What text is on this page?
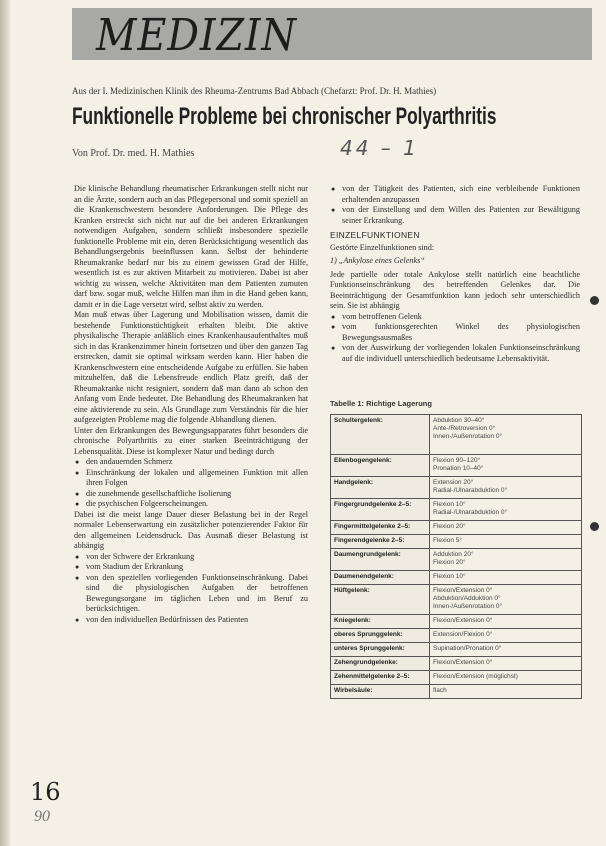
MEDIZIN
Aus der I. Medizinischen Klinik des Rheuma-Zentrums Bad Abbach (Chefarzt: Prof. Dr. H. Mathies)
Funktionelle Probleme bei chronischer Polyarthritis
Von Prof. Dr. med. H. Mathies	44 – 1

Die klinische Behandlung rheumatischer Erkrankungen stellt nicht nur an die Ärzte, sondern auch an das Pflegepersonal und somit speziell an die Krankenschwestern besondere Anforderungen. Die Pflege des Kranken erstreckt sich nicht nur auf die bei anderen Erkrankungen notwendigen Aufgaben, sondern schließt insbesondere spezielle funktionelle Probleme mit ein, deren Berücksichtigung wesentlich das Behandlungsergebnis beeinflussen kann. Selbst der behinderte Rheumakranke bedarf nur bis zu einem gewissen Grad der Hilfe, wesentlich ist es zur aktiven Mitarbeit zu motivieren. Dabei ist aber wichtig zu wissen, welche Aktivitäten man dem Patienten zumuten darf bzw. sogar muß, welche Hilfen man ihm in die Hand geben kann, damit er in die Lage versetzt wird, selbst aktiv zu werden.

Man muß etwas über Lagerung und Mobilisation wissen, damit die bestehende Funktionstüchtigkeit erhalten bleibt. Die aktive physikalische Therapie anläßlich eines Krankenhausaufenthaltes muß sich in das Krankenzimmer hinein fortsetzen und über den ganzen Tag erstrecken, damit sie optimal wirksam werden kann. Hier haben die Krankenschwestern eine entscheidende Aufgabe zu erfüllen. Sie haben mitzuhelfen, daß die Lebensfreude endlich Platz greift, daß der Rheumakranke nicht resigniert, sondern daß man dann ab schon den Anfang vom Ende bedeutet. Die Behandlung des Rheumakranken hat eine aktivierende zu sein. Als Grundlage zum Verständnis für die hier aufgezeigten Probleme mag die folgende Abhandlung dienen.

Unter den Erkrankungen des Bewegungsapparates führt besonders die chronische Polyarthritis zu einer starken Beeinträchtigung der Lebensqualität. Diese ist komplexer Natur und bedingt durch

● den andauernden Schmerz
● Einschränkung der lokalen und allgemeinen Funktion mit allen ihren Folgen
● die zunehmende gesellschaftliche Isolierung
● die psychischen Folgeerscheinungen.

Dabei ist die meist lange Dauer dieser Belastung bei in der Regel normaler Lebenserwartung ein zusätzlicher potenzierender Faktor für den allgemeinen Leidensdruck. Das Ausmaß dieser Belastung ist abhängig

● von der Schwere der Erkrankung
● vom Stadium der Erkrankung
● von den speziellen vorliegenden Funktionseinschränkung. Dabei sind die physiologischen Aufgaben der betroffenen Bewegungsorgane im täglichen Leben und im Beruf zu berücksichtigen.
● von den individuellen Bedürfnissen des Patienten
● von der Tätigkeit des Patienten, sich eine verbleibende Funktionen erhaltenden anzupassen
● von der Einstellung und dem Willen des Patienten zur Bewältigung seiner Erkrankung.
EINZELFUNKTIONEN
Gestörte Einzelfunktionen sind:
1) „Ankylose eines Gelenks“

Jede partielle oder totale Ankylose stellt natürlich eine beachtliche Funktionseinschränkung des betreffenden Gelenkes dar. Die Beeinträchtigung der Gesamtfunktion kann jedoch sehr unterschiedlich sein. Sie ist abhängig

● vom betroffenen Gelenk
● vom funktionsgerechten Winkel des physiologischen Bewegungsausmaßes
● von der Auswirkung der vorliegenden lokalen Funktionseinschränkung auf die individuell unterschiedlich bedeutsame Lebensaktivität.
Tabelle 1: Richtige Lagerung
Schultergelenk:	Abduktion 30–40°
Ante-/Retroversion 0°
Innen-/Außenrotation 0°
Ellenbogengelenk:	Flexion 90–120°
Pronation 10–40°
Handgelenk:	Extension 20°
Radial-/Ulnarabduktion 0°
Fingergrundgelenke 2–5:	Flexion 10°
Radial-/Ulnarabduktion 0°
Fingermittelgelenke 2–5:	Flexion 20°
Fingerendgelenke 2–5:	Flexion 5°
Daumengrundgelenk:	Adduktion 20°
Flexion 20°
Daumenendgelenk:	Flexion 10°
Hüftgelenk:	Flexion/Extension 0°
Abduktion/Adduktion 0°
Innen-/Außenrotation 0°
Kniegelenk:	Flexion/Extension 0°
oberes Sprunggelenk:	Extension/Flexion 0°
unteres Sprunggelenk:	Supination/Pronation 0°
Zehengrundgelenke:	Flexion/Extension 0°
Zehenmittelgelenke 2–5:	Flexion/Extension (möglichst)
Wirbelsäule:	flach
16
90
